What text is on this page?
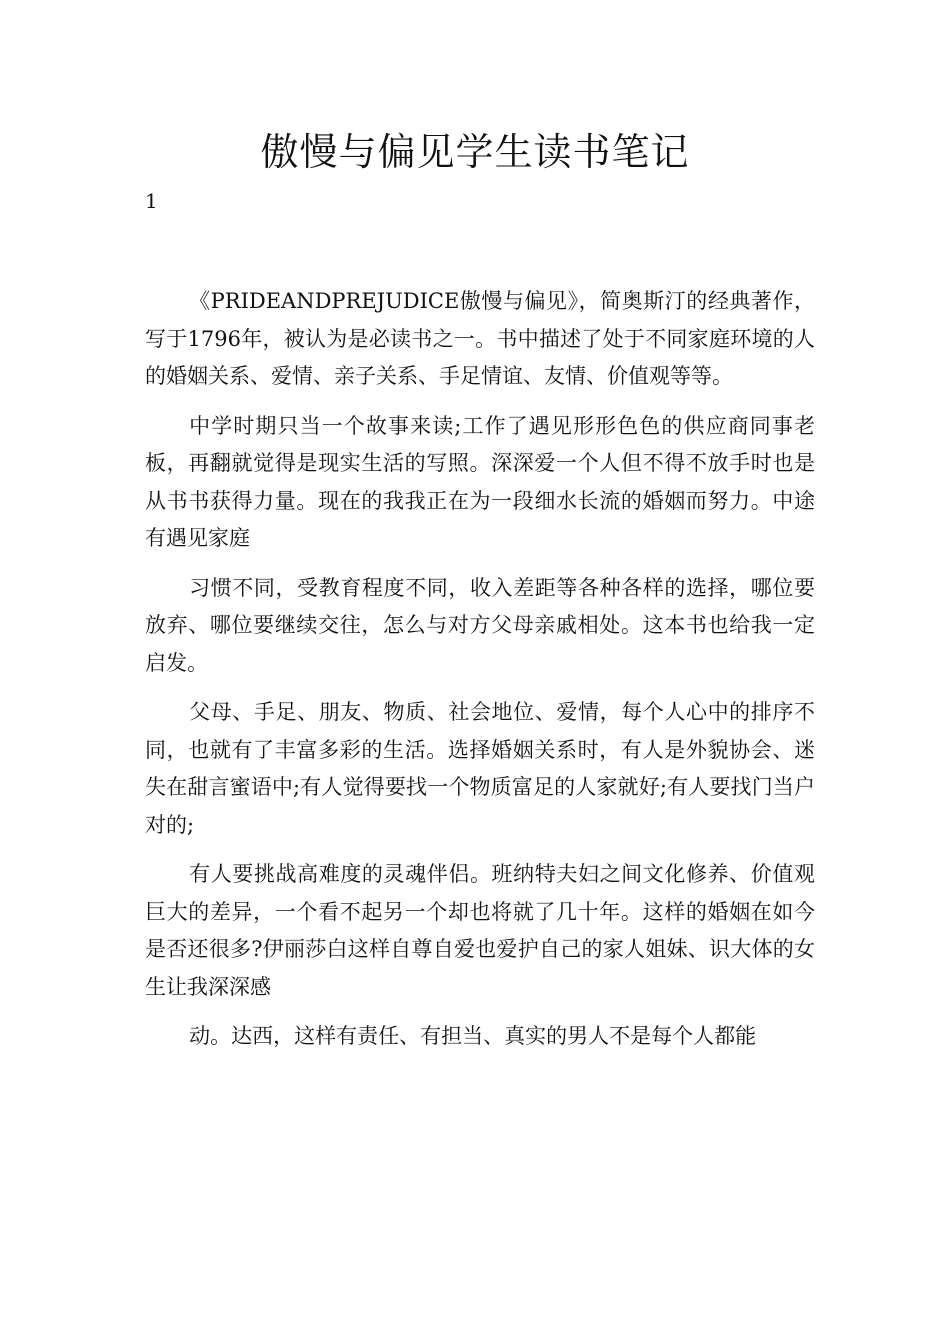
傲慢与偏见学生读书笔记
1

《PRIDEANDPREJUDICE傲慢与偏见》，简奥斯汀的经典著作，写于1796年，被认为是必读书之一。书中描述了处于不同家庭环境的人的婚姻关系、爱情、亲子关系、手足情谊、友情、价值观等等。

中学时期只当一个故事来读;工作了遇见形形色色的供应商同事老板，再翻就觉得是现实生活的写照。深深爱一个人但不得不放手时也是从书书获得力量。现在的我我正在为一段细水长流的婚姻而努力。中途有遇见家庭

习惯不同，受教育程度不同，收入差距等各种各样的选择，哪位要放弃、哪位要继续交往，怎么与对方父母亲戚相处。这本书也给我一定启发。

父母、手足、朋友、物质、社会地位、爱情，每个人心中的排序不同，也就有了丰富多彩的生活。选择婚姻关系时，有人是外貌协会、迷失在甜言蜜语中;有人觉得要找一个物质富足的人家就好;有人要找门当户对的;

有人要挑战高难度的灵魂伴侣。班纳特夫妇之间文化修养、价值观巨大的差异，一个看不起另一个却也将就了几十年。这样的婚姻在如今是否还很多?伊丽莎白这样自尊自爱也爱护自己的家人姐妹、识大体的女生让我深深感

动。达西，这样有责任、有担当、真实的男人不是每个人都能
